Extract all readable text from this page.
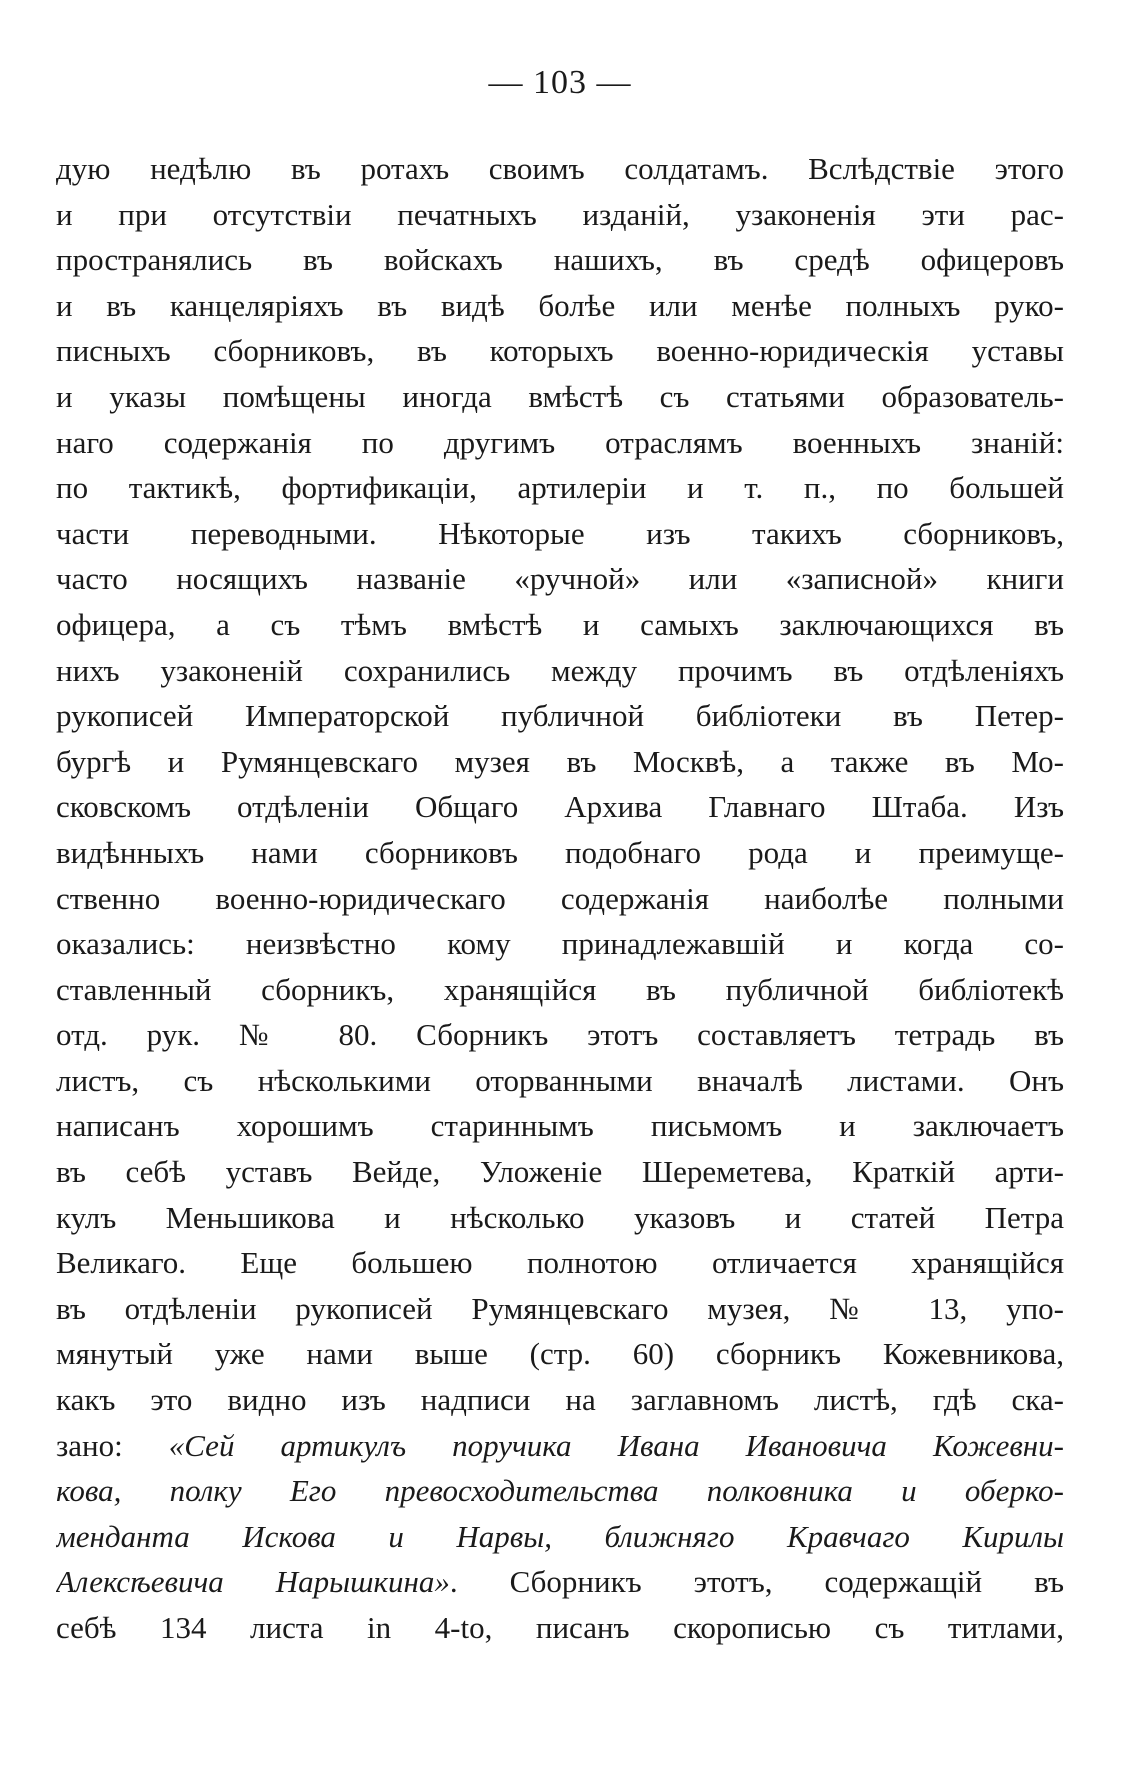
— 103 —
дую недѣлю въ ротахъ своимъ солдатамъ. Вслѣдствіе этого
и при отсутствіи печатныхъ изданій, узаконенія эти рас-
пространялись въ войскахъ нашихъ, въ средѣ офицеровъ
и въ канцеляріяхъ въ видѣ болѣе или менѣе полныхъ руко-
писныхъ сборниковъ, въ которыхъ военно-юридическія уставы
и указы помѣщены иногда вмѣстѣ съ статьями образователь-
наго содержанія по другимъ отраслямъ военныхъ знаній:
по тактикѣ, фортификаціи, артилеріи и т. п., по большей
части переводными. Нѣкоторые изъ такихъ сборниковъ,
часто носящихъ названіе «ручной» или «записной» книги
офицера, а съ тѣмъ вмѣстѣ и самыхъ заключающихся въ
нихъ узаконеній сохранились между прочимъ въ отдѣленіяхъ
рукописей Императорской публичной библіотеки въ Петер-
бургѣ и Румянцевскаго музея въ Москвѣ, а также въ Мо-
сковскомъ отдѣленіи Общаго Архива Главнаго Штаба. Изъ
видѣнныхъ нами сборниковъ подобнаго рода и преимуще-
ственно военно-юридическаго содержанія наиболѣе полными
оказались: неизвѣстно кому принадлежавшій и когда со-
ставленный сборникъ, хранящійся въ публичной библіотекѣ
отд. рук. № 80. Сборникъ этотъ составляетъ тетрадь въ
листъ, съ нѣсколькими оторванными вначалѣ листами. Онъ
написанъ хорошимъ стариннымъ письмомъ и заключаетъ
въ себѣ уставъ Вейде, Уложеніе Шереметева, Краткій арти-
кулъ Меньшикова и нѣсколько указовъ и статей Петра
Великаго. Еще большею полнотою отличается хранящійся
въ отдѣленіи рукописей Румянцевскаго музея, № 13, упо-
мянутый уже нами выше (стр. 60) сборникъ Кожевникова,
какъ это видно изъ надписи на заглавномъ листѣ, гдѣ ска-
зано: «Сей артикулъ поручика Ивана Ивановича Кожевни-
кова, полку Его превосходительства полковника и оберко-
мендaнта Искова и Нарвы, ближняго Кравчаго Кирилы
Алексѣевича Нарышкина». Сборникъ этотъ, содержащій въ
себѣ 134 листа in 4-to, писанъ скорописью съ титлами,
